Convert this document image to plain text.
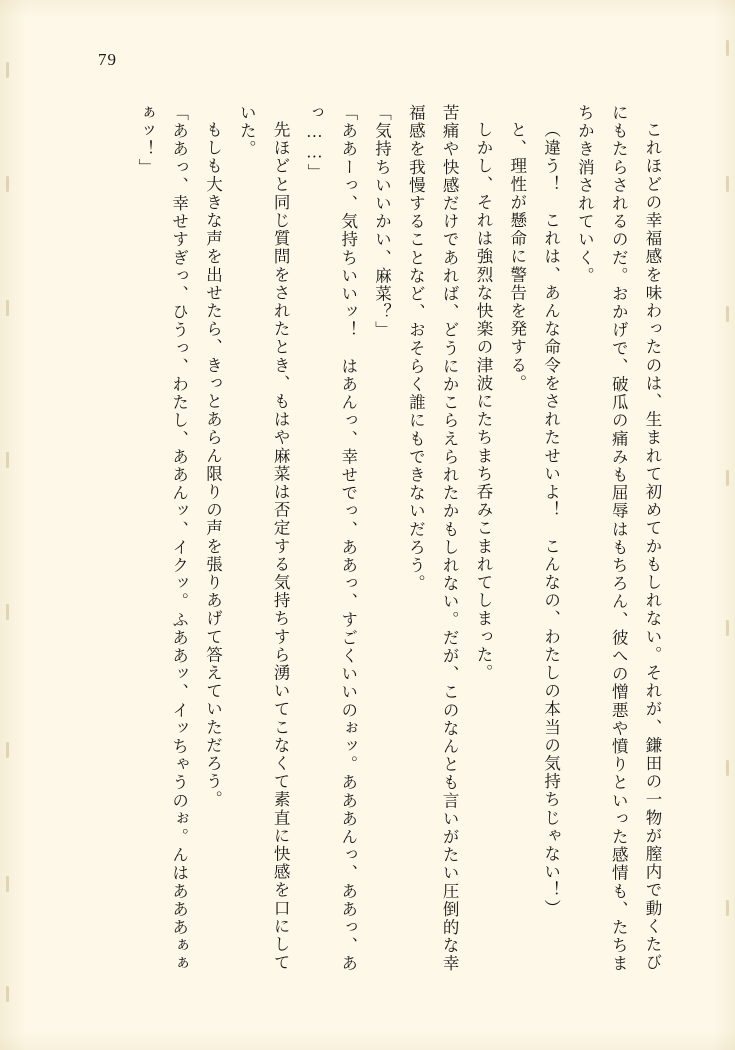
79

これほどの幸福感を味わったのは、生まれて初めてかもしれない。それが、鎌田の一物が膣内で動くたびにもたらされるのだ。おかげで、破瓜の痛みも屈辱はもちろん、彼への憎悪や憤りといった感情も、たちまちかき消されていく。

（違う！　これは、あんな命令をされたせいよ！　こんなの、わたしの本当の気持ちじゃない！）

と、理性が懸命に警告を発する。

しかし、それは強烈な快楽の津波にたちまち呑みこまれてしまった。

苦痛や快感だけであれば、どうにかこらえられたかもしれない。だが、このなんとも言いがたい圧倒的な幸福感を我慢することなど、おそらく誰にもできないだろう。

「気持ちいいかい、麻菜？」

「ああーっ、気持ちいいッ！　はあんっ、幸せでっ、ああっ、すごくいいのぉッ。あああんっ、ああっ、あっ……」

先ほどと同じ質問をされたとき、もはや麻菜は否定する気持ちすら湧いてこなくて素直に快感を口にしていた。

もしも大きな声を出せたら、きっとあらん限りの声を張りあげて答えていただろう。

「ああっ、幸せすぎっ、ひうっ、わたし、ああんッ、イクッ。ふああッ、イッちゃうのぉ。んはあああぁぁぁッ！」
